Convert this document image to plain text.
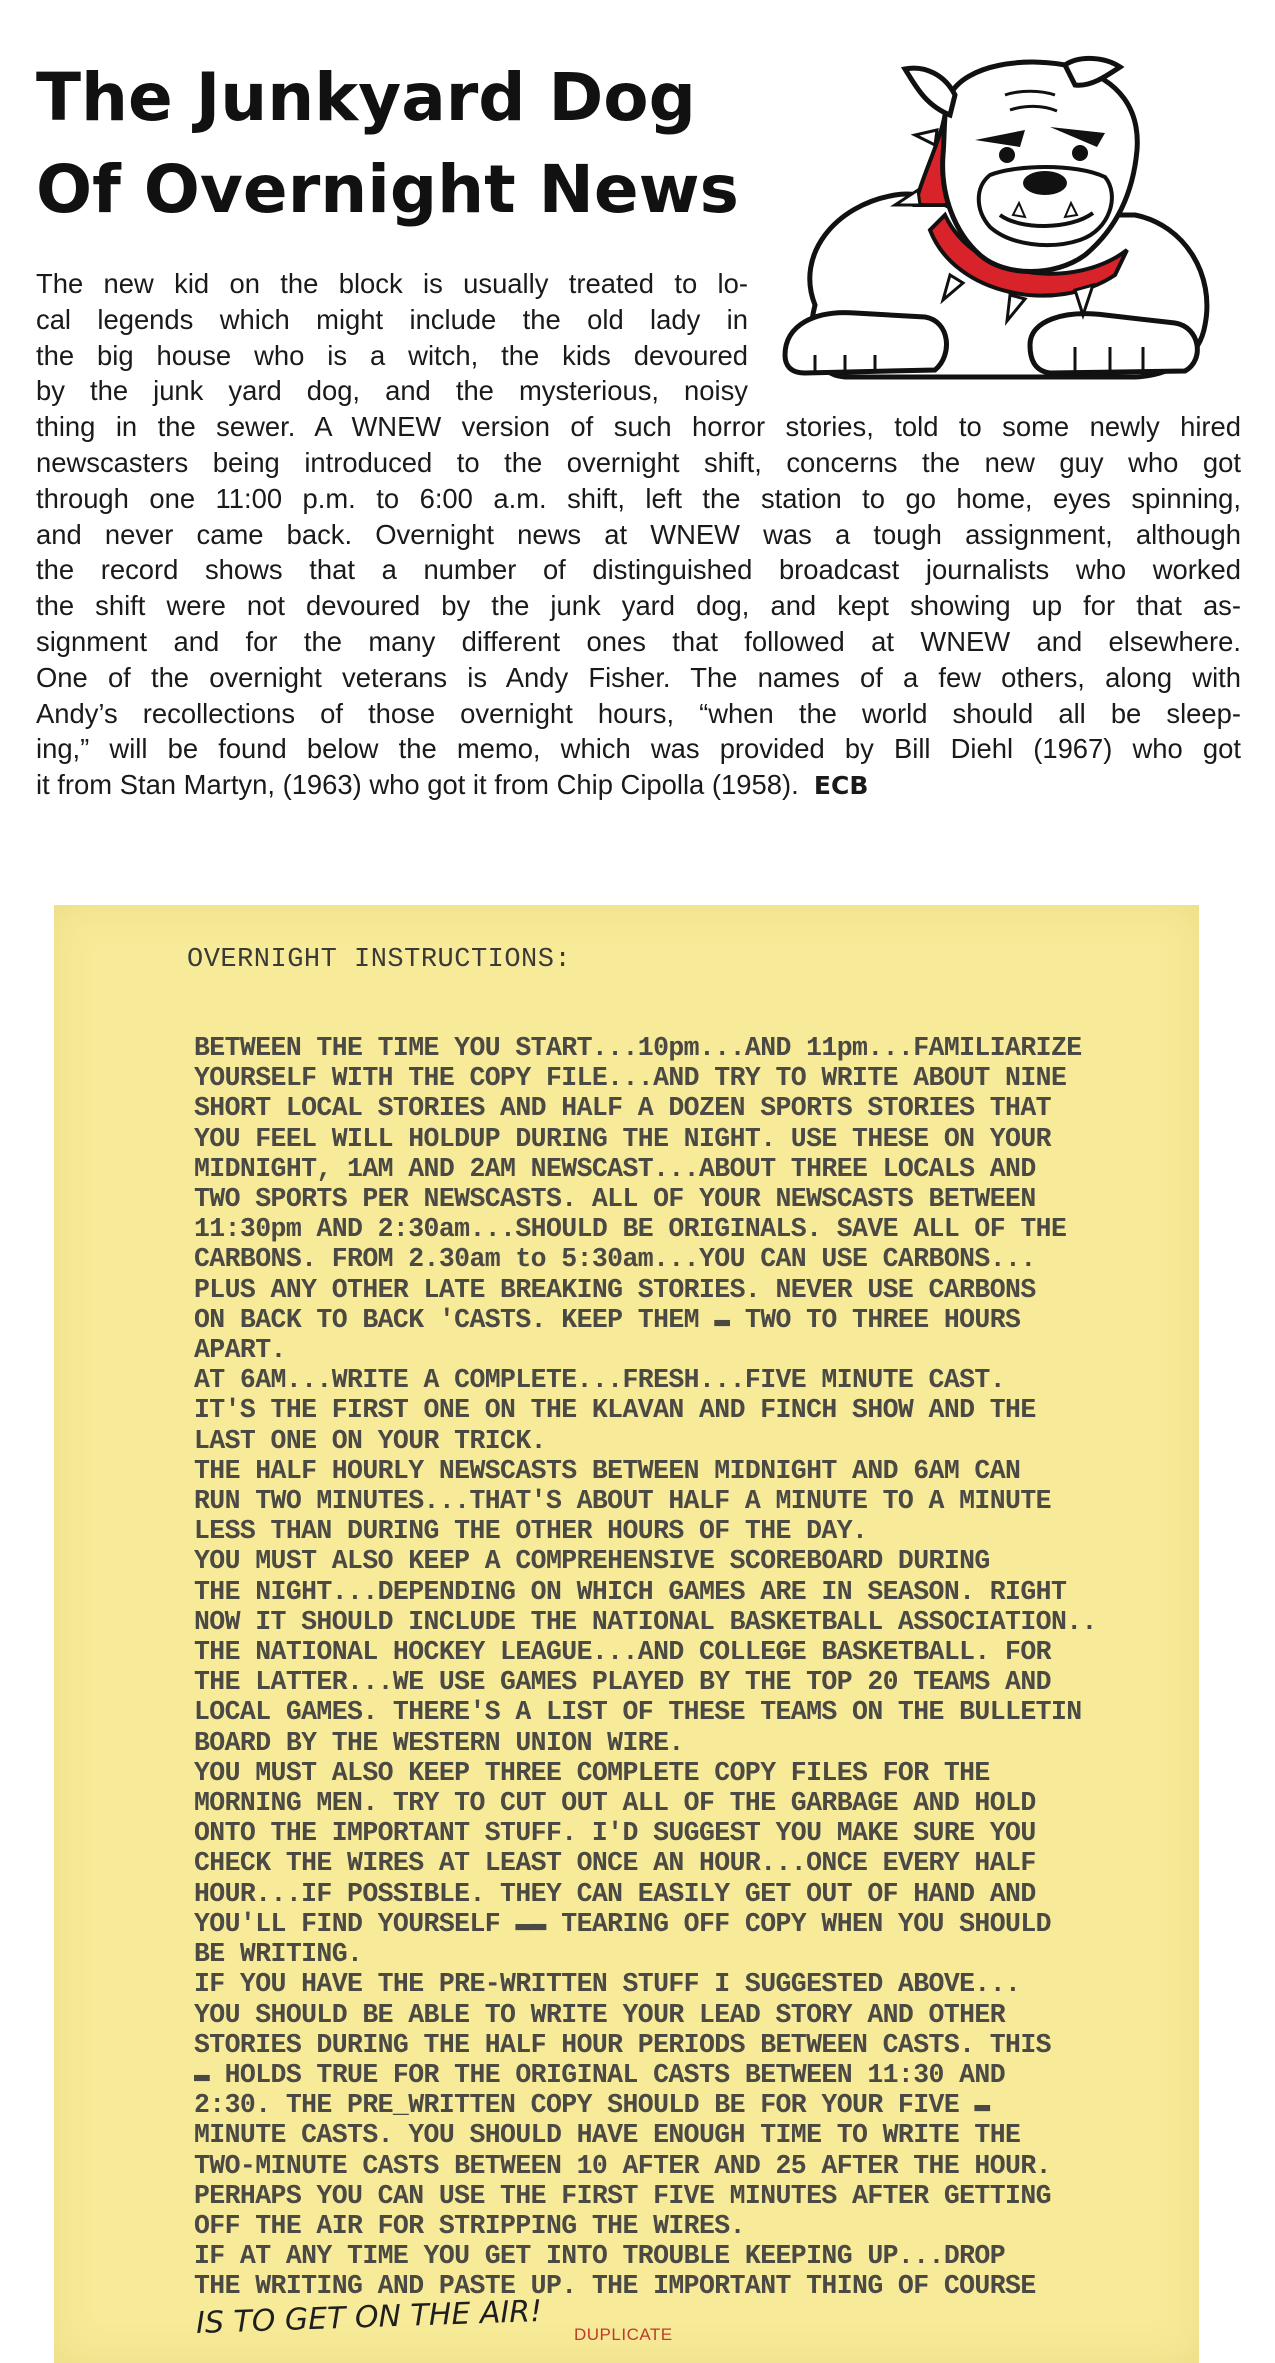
The Junkyard Dog
Of Overnight News
The new kid on the block is usually treated to lo-
cal legends which might include the old lady in
the big house who is a witch, the kids devoured
by the junk yard dog, and the mysterious, noisy
thing in the sewer. A WNEW version of such horror stories, told to some newly hired
newscasters being introduced to the overnight shift, concerns the new guy who got
through one 11:00 p.m. to 6:00 a.m. shift, left the station to go home, eyes spinning,
and never came back. Overnight news at WNEW was a tough assignment, although
the record shows that a number of distinguished broadcast journalists who worked
the shift were not devoured by the junk yard dog, and kept showing up for that as-
signment and for the many different ones that followed at WNEW and elsewhere.
One of the overnight veterans is Andy Fisher. The names of a few others, along with
Andy’s recollections of those overnight hours, “when the world should all be sleep-
ing,” will be found below the memo, which was provided by Bill Diehl (1967) who got
it from Stan Martyn, (1963) who got it from Chip Cipolla (1958). ECB
OVERNIGHT INSTRUCTIONS:
BETWEEN THE TIME YOU START...10pm...AND 11pm...FAMILIARIZE
YOURSELF WITH THE COPY FILE...AND TRY TO WRITE ABOUT NINE
SHORT LOCAL STORIES AND HALF A DOZEN SPORTS STORIES THAT
YOU FEEL WILL HOLDUP DURING THE NIGHT. USE THESE ON YOUR
MIDNIGHT, 1AM AND 2AM NEWSCAST...ABOUT THREE LOCALS AND
TWO SPORTS PER NEWSCASTS. ALL OF YOUR NEWSCASTS BETWEEN
11:30pm AND 2:30am...SHOULD BE ORIGINALS. SAVE ALL OF THE
CARBONS. FROM 2.30am to 5:30am...YOU CAN USE CARBONS...
PLUS ANY OTHER LATE BREAKING STORIES. NEVER USE CARBONS
ON BACK TO BACK 'CASTS. KEEP THEM ▬ TWO TO THREE HOURS
APART.
AT 6AM...WRITE A COMPLETE...FRESH...FIVE MINUTE CAST.
IT'S THE FIRST ONE ON THE KLAVAN AND FINCH SHOW AND THE
LAST ONE ON YOUR TRICK.
THE HALF HOURLY NEWSCASTS BETWEEN MIDNIGHT AND 6AM CAN
RUN TWO MINUTES...THAT'S ABOUT HALF A MINUTE TO A MINUTE
LESS THAN DURING THE OTHER HOURS OF THE DAY.
YOU MUST ALSO KEEP A COMPREHENSIVE SCOREBOARD DURING
THE NIGHT...DEPENDING ON WHICH GAMES ARE IN SEASON. RIGHT
NOW IT SHOULD INCLUDE THE NATIONAL BASKETBALL ASSOCIATION..
THE NATIONAL HOCKEY LEAGUE...AND COLLEGE BASKETBALL. FOR
THE LATTER...WE USE GAMES PLAYED BY THE TOP 20 TEAMS AND
LOCAL GAMES. THERE'S A LIST OF THESE TEAMS ON THE BULLETIN
BOARD BY THE WESTERN UNION WIRE.
YOU MUST ALSO KEEP THREE COMPLETE COPY FILES FOR THE
MORNING MEN. TRY TO CUT OUT ALL OF THE GARBAGE AND HOLD
ONTO THE IMPORTANT STUFF. I'D SUGGEST YOU MAKE SURE YOU
CHECK THE WIRES AT LEAST ONCE AN HOUR...ONCE EVERY HALF
HOUR...IF POSSIBLE. THEY CAN EASILY GET OUT OF HAND AND
YOU'LL FIND YOURSELF ▬▬ TEARING OFF COPY WHEN YOU SHOULD
BE WRITING.
IF YOU HAVE THE PRE-WRITTEN STUFF I SUGGESTED ABOVE...
YOU SHOULD BE ABLE TO WRITE YOUR LEAD STORY AND OTHER
STORIES DURING THE HALF HOUR PERIODS BETWEEN CASTS. THIS
▬ HOLDS TRUE FOR THE ORIGINAL CASTS BETWEEN 11:30 AND
2:30. THE PRE_WRITTEN COPY SHOULD BE FOR YOUR FIVE ▬
MINUTE CASTS. YOU SHOULD HAVE ENOUGH TIME TO WRITE THE
TWO-MINUTE CASTS BETWEEN 10 AFTER AND 25 AFTER THE HOUR.
PERHAPS YOU CAN USE THE FIRST FIVE MINUTES AFTER GETTING
OFF THE AIR FOR STRIPPING THE WIRES.
IF AT ANY TIME YOU GET INTO TROUBLE KEEPING UP...DROP
THE WRITING AND PASTE UP. THE IMPORTANT THING OF COURSE
IS TO GET ON THE AIR! DUPLICATE
